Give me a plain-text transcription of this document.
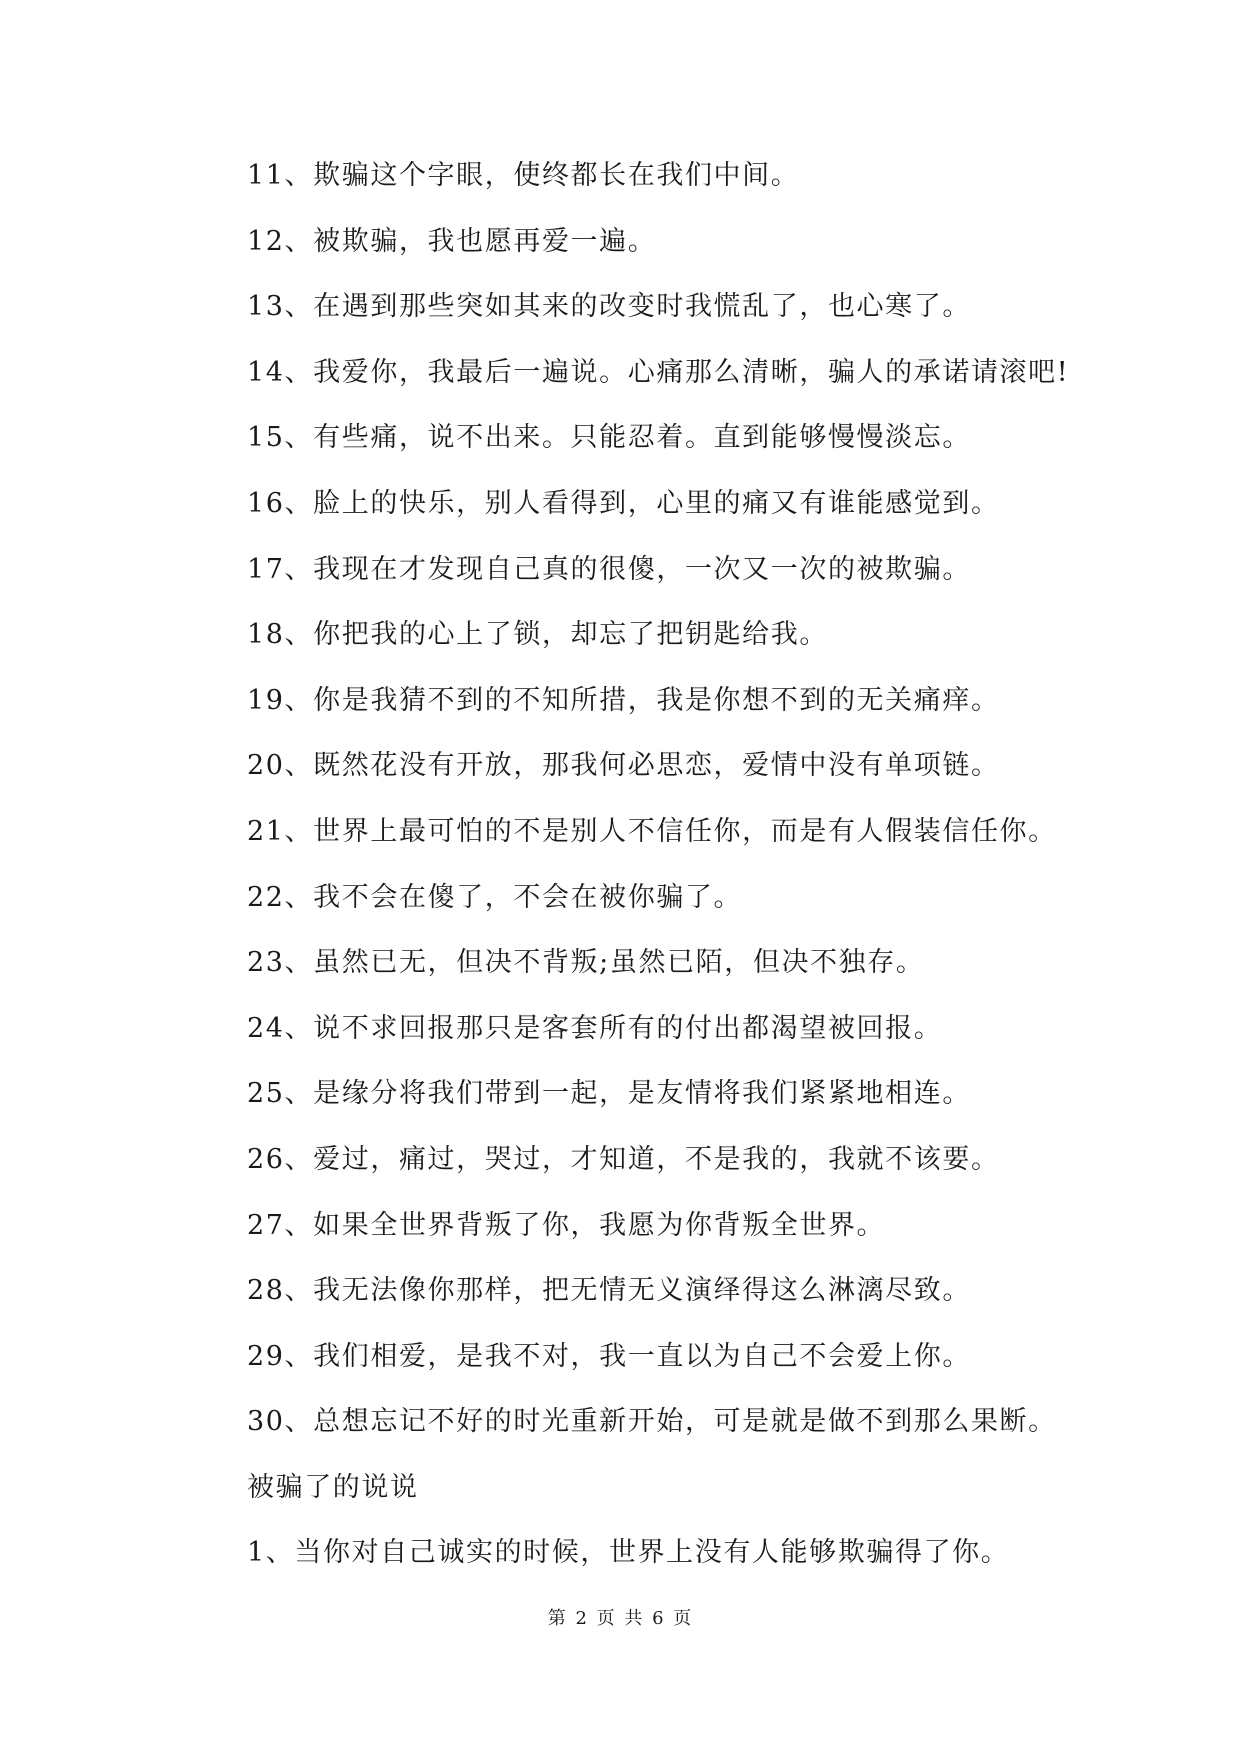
11、欺骗这个字眼，使终都长在我们中间。
12、被欺骗，我也愿再爱一遍。
13、在遇到那些突如其来的改变时我慌乱了，也心寒了。
14、我爱你，我最后一遍说。心痛那么清晰，骗人的承诺请滚吧!
15、有些痛，说不出来。只能忍着。直到能够慢慢淡忘。
16、脸上的快乐，别人看得到，心里的痛又有谁能感觉到。
17、我现在才发现自己真的很傻，一次又一次的被欺骗。
18、你把我的心上了锁，却忘了把钥匙给我。
19、你是我猜不到的不知所措，我是你想不到的无关痛痒。
20、既然花没有开放，那我何必思恋，爱情中没有单项链。
21、世界上最可怕的不是别人不信任你，而是有人假装信任你。
22、我不会在傻了，不会在被你骗了。
23、虽然已无，但决不背叛;虽然已陌，但决不独存。
24、说不求回报那只是客套所有的付出都渴望被回报。
25、是缘分将我们带到一起，是友情将我们紧紧地相连。
26、爱过，痛过，哭过，才知道，不是我的，我就不该要。
27、如果全世界背叛了你，我愿为你背叛全世界。
28、我无法像你那样，把无情无义演绎得这么淋漓尽致。
29、我们相爱，是我不对，我一直以为自己不会爱上你。
30、总想忘记不好的时光重新开始，可是就是做不到那么果断。
被骗了的说说
1、当你对自己诚实的时候，世界上没有人能够欺骗得了你。
第 2 页 共 6 页
